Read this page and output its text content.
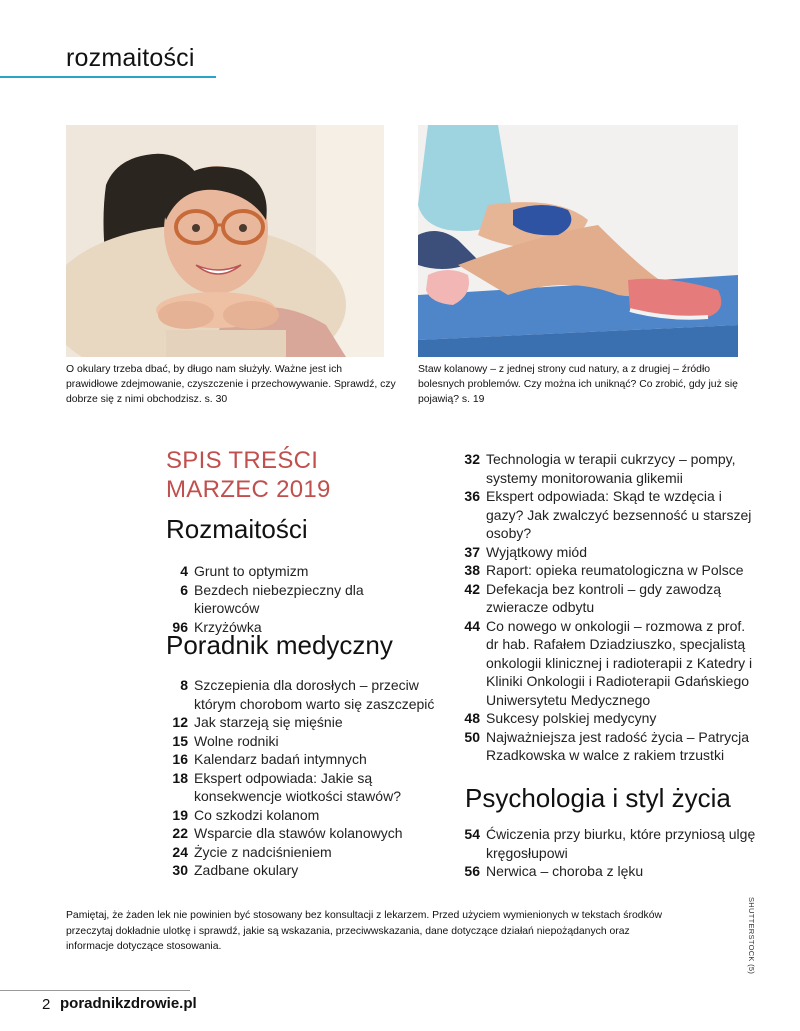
rozmaitości
O okulary trzeba dbać, by długo nam służyły. Ważne jest ich prawidłowe zdejmowanie, czyszczenie i przechowywanie. Sprawdź, czy dobrze się z nimi obchodzisz. s. 30
Staw kolanowy – z jednej strony cud natury, a z drugiej – źródło bolesnych problemów. Czy można ich uniknąć? Co zrobić, gdy już się pojawią? s. 19
SPIS TREŚCI
MARZEC 2019
Rozmaitości
4 Grunt to optymizm
6 Bezdech niebezpieczny dla kierowców
96 Krzyżówka
Poradnik medyczny
8 Szczepienia dla dorosłych – przeciw którym chorobom warto się zaszczepić
12 Jak starzeją się mięśnie
15 Wolne rodniki
16 Kalendarz badań intymnych
18 Ekspert odpowiada: Jakie są konsekwencje wiotkości stawów?
19 Co szkodzi kolanom
22 Wsparcie dla stawów kolanowych
24 Życie z nadciśnieniem
30 Zadbane okulary
32 Technologia w terapii cukrzycy – pompy, systemy monitorowania glikemii
36 Ekspert odpowiada: Skąd te wzdęcia i gazy? Jak zwalczyć bezsenność u starszej osoby?
37 Wyjątkowy miód
38 Raport: opieka reumatologiczna w Polsce
42 Defekacja bez kontroli – gdy zawodzą zwieracze odbytu
44 Co nowego w onkologii – rozmowa z prof. dr hab. Rafałem Dziadziuszko, specjalistą onkologii klinicznej i radioterapii z Katedry i Kliniki Onkologii i Radioterapii Gdańskiego Uniwersytetu Medycznego
48 Sukcesy polskiej medycyny
50 Najważniejsza jest radość życia – Patrycja Rzadkowska w walce z rakiem trzustki
Psychologia i styl życia
54 Ćwiczenia przy biurku, które przyniosą ulgę kręgosłupowi
56 Nerwica – choroba z lęku
Pamiętaj, że żaden lek nie powinien być stosowany bez konsultacji z lekarzem. Przed użyciem wymienionych w tekstach środków przeczytaj dokładnie ulotkę i sprawdź, jakie są wskazania, przeciwwskazania, dane dotyczące działań niepożądanych oraz informacje dotyczące stosowania.	SHUTTERSTOCK (5)
2 poradnikzdrowie.pl
